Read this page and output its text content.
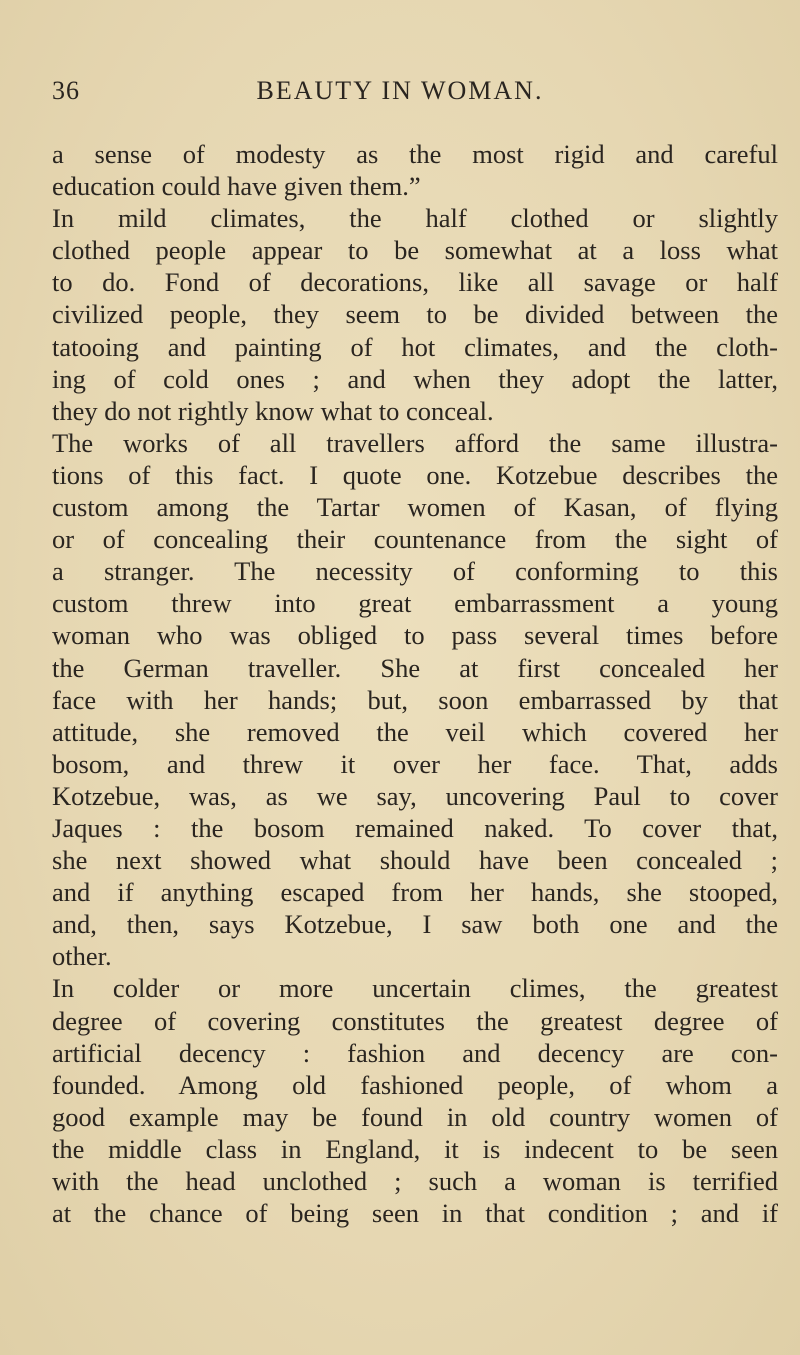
36	BEAUTY IN WOMAN.
a sense of modesty as the most rigid and careful
education could have given them.”
In mild climates, the half clothed or slightly
clothed people appear to be somewhat at a loss what
to do. Fond of decorations, like all savage or half
civilized people, they seem to be divided between the
tatooing and painting of hot climates, and the cloth-
ing of cold ones ; and when they adopt the latter,
they do not rightly know what to conceal.
The works of all travellers afford the same illustra-
tions of this fact. I quote one. Kotzebue describes the
custom among the Tartar women of Kasan, of flying
or of concealing their countenance from the sight of
a stranger. The necessity of conforming to this
custom threw into great embarrassment a young
woman who was obliged to pass several times before
the German traveller. She at first concealed her
face with her hands; but, soon embarrassed by that
attitude, she removed the veil which covered her
bosom, and threw it over her face. That, adds
Kotzebue, was, as we say, uncovering Paul to cover
Jaques : the bosom remained naked. To cover that,
she next showed what should have been concealed ;
and if anything escaped from her hands, she stooped,
and, then, says Kotzebue, I saw both one and the
other.
In colder or more uncertain climes, the greatest
degree of covering constitutes the greatest degree of
artificial decency : fashion and decency are con-
founded. Among old fashioned people, of whom a
good example may be found in old country women of
the middle class in England, it is indecent to be seen
with the head unclothed ; such a woman is terrified
at the chance of being seen in that condition ; and if
